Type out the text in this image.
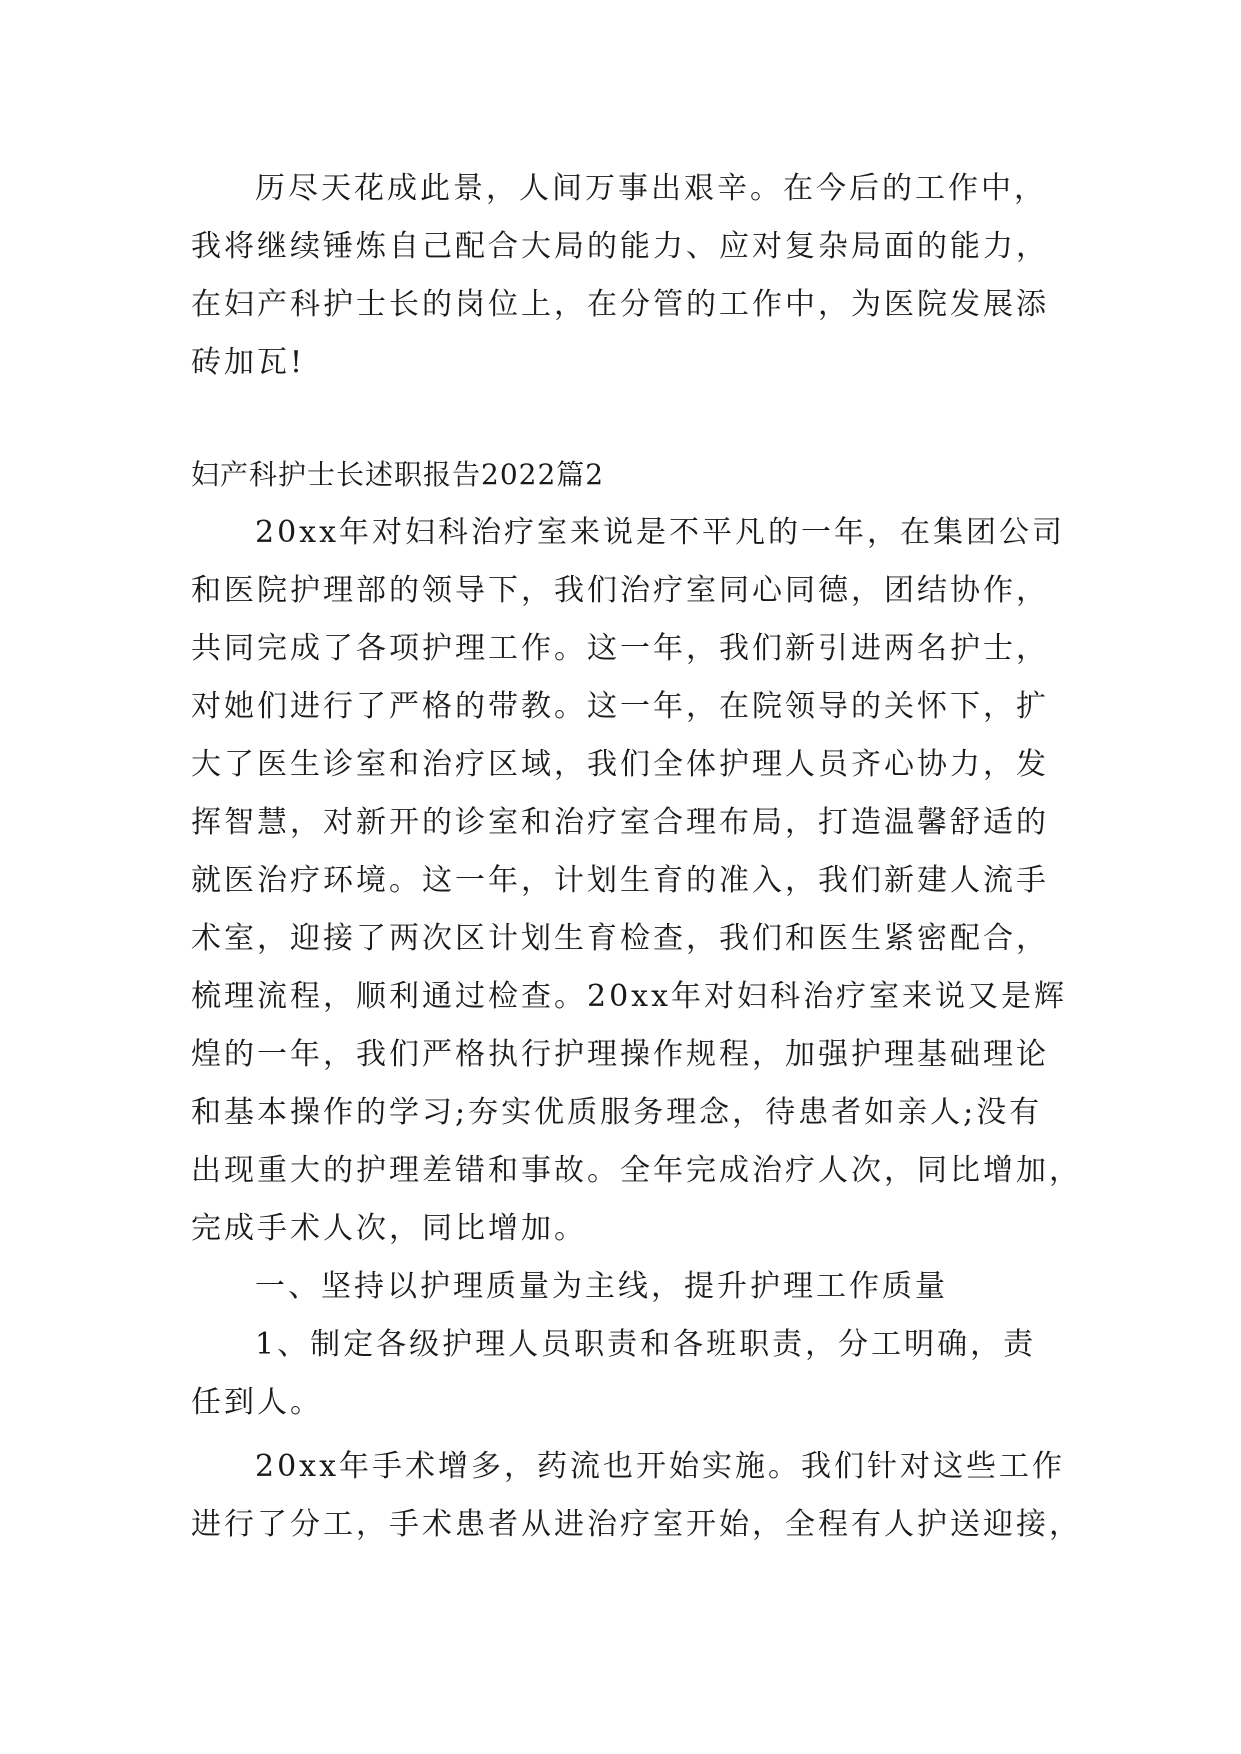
历尽天花成此景，人间万事出艰辛。在今后的工作中，
我将继续锤炼自己配合大局的能力、应对复杂局面的能力，
在妇产科护士长的岗位上，在分管的工作中，为医院发展添
砖加瓦!
妇产科护士长述职报告2022篇2
20xx年对妇科治疗室来说是不平凡的一年，在集团公司
和医院护理部的领导下，我们治疗室同心同德，团结协作，
共同完成了各项护理工作。这一年，我们新引进两名护士，
对她们进行了严格的带教。这一年，在院领导的关怀下，扩
大了医生诊室和治疗区域，我们全体护理人员齐心协力，发
挥智慧，对新开的诊室和治疗室合理布局，打造温馨舒适的
就医治疗环境。这一年，计划生育的准入，我们新建人流手
术室，迎接了两次区计划生育检查，我们和医生紧密配合，
梳理流程，顺利通过检查。20xx年对妇科治疗室来说又是辉
煌的一年，我们严格执行护理操作规程，加强护理基础理论
和基本操作的学习;夯实优质服务理念，待患者如亲人;没有
出现重大的护理差错和事故。全年完成治疗人次，同比增加，
完成手术人次，同比增加。
一、坚持以护理质量为主线，提升护理工作质量
1、制定各级护理人员职责和各班职责，分工明确，责
任到人。
20xx年手术增多，药流也开始实施。我们针对这些工作
进行了分工，手术患者从进治疗室开始，全程有人护送迎接，
